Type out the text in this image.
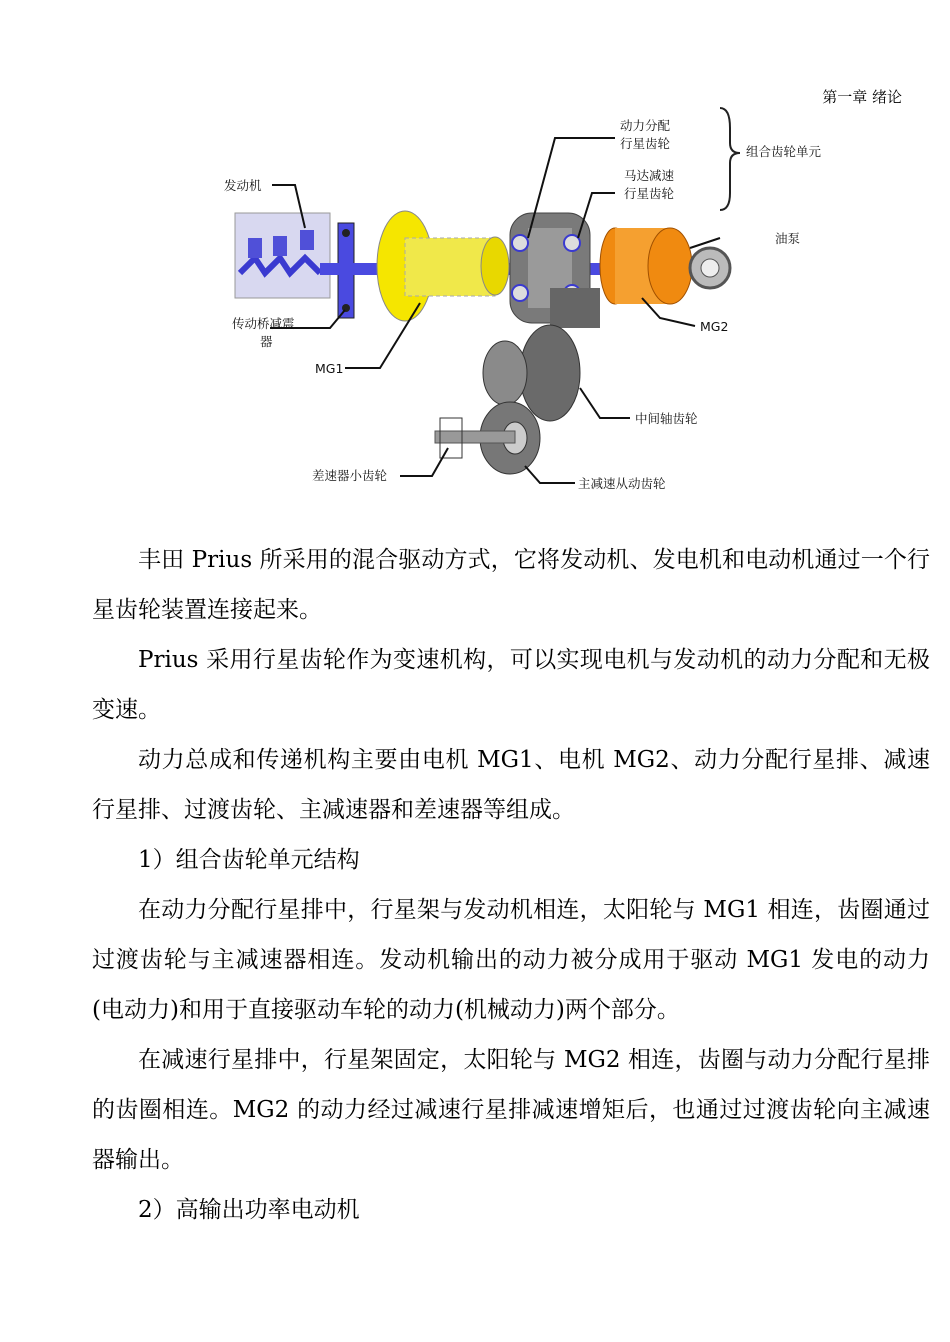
第一章 绪论
发动机
动力分配
行星齿轮
组合齿轮单元
马达减速
行星齿轮
油泵
传动桥减震
器
MG1
MG2
中间轴齿轮
差速器小齿轮
主减速从动齿轮

丰田 Prius 所采用的混合驱动方式，它将发动机、发电机和电动机通过一个行星齿轮装置连接起来。

Prius 采用行星齿轮作为变速机构，可以实现电机与发动机的动力分配和无极变速。

动力总成和传递机构主要由电机 MG1、电机 MG2、动力分配行星排、减速行星排、过渡齿轮、主减速器和差速器等组成。

1）组合齿轮单元结构

在动力分配行星排中，行星架与发动机相连，太阳轮与 MG1 相连，齿圈通过过渡齿轮与主减速器相连。发动机输出的动力被分成用于驱动 MG1 发电的动力(电动力)和用于直接驱动车轮的动力(机械动力)两个部分。

在减速行星排中，行星架固定，太阳轮与 MG2 相连，齿圈与动力分配行星排的齿圈相连。MG2 的动力经过减速行星排减速增矩后，也通过过渡齿轮向主减速器输出。

2）高输出功率电动机
